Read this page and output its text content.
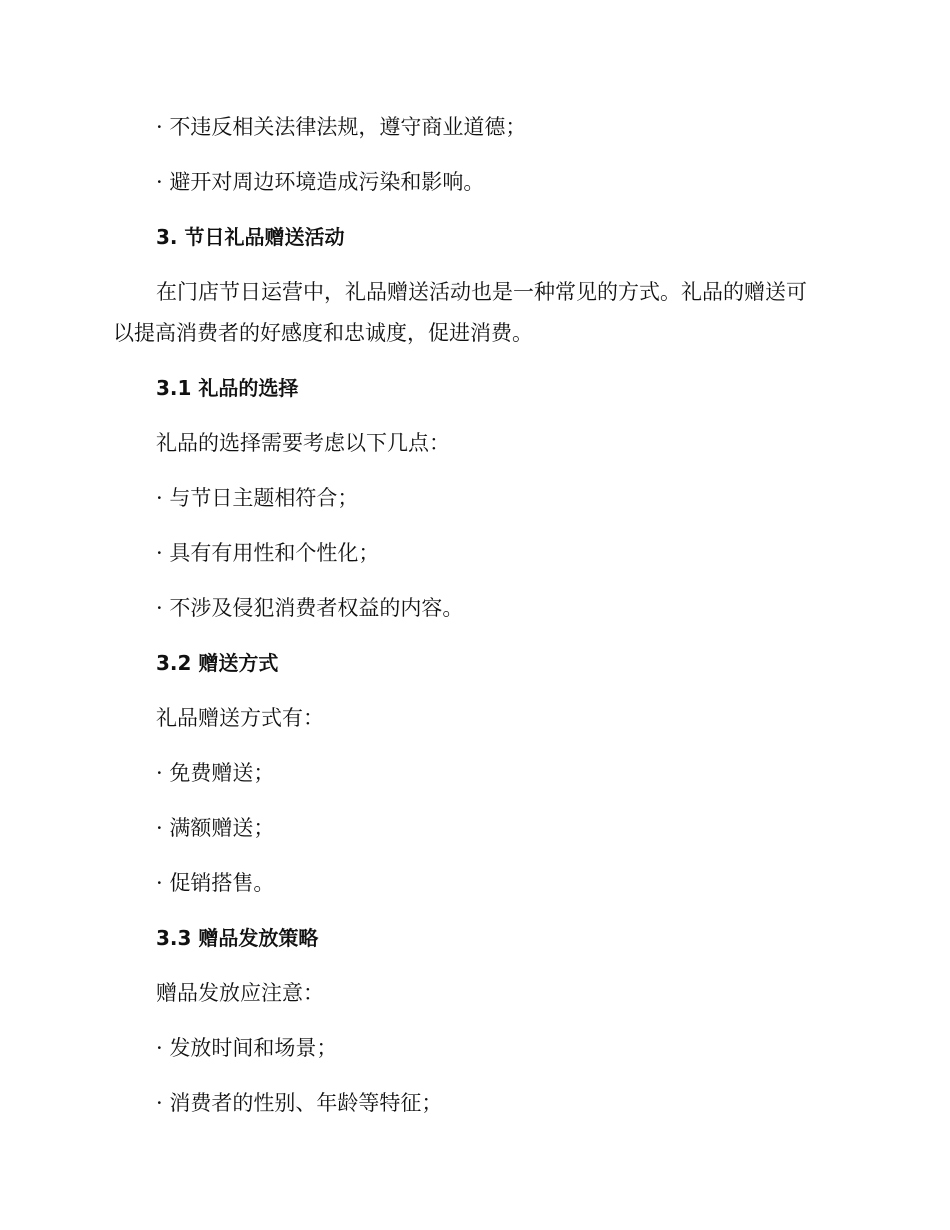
· 不违反相关法律法规，遵守商业道德；
· 避开对周边环境造成污染和影响。
3. 节日礼品赠送活动
在门店节日运营中，礼品赠送活动也是一种常见的方式。礼品的赠送可
以提高消费者的好感度和忠诚度，促进消费。
3.1 礼品的选择
礼品的选择需要考虑以下几点：
· 与节日主题相符合；
· 具有有用性和个性化；
· 不涉及侵犯消费者权益的内容。
3.2 赠送方式
礼品赠送方式有：
· 免费赠送；
· 满额赠送；
· 促销搭售。
3.3 赠品发放策略
赠品发放应注意：
· 发放时间和场景；
· 消费者的性别、年龄等特征；
